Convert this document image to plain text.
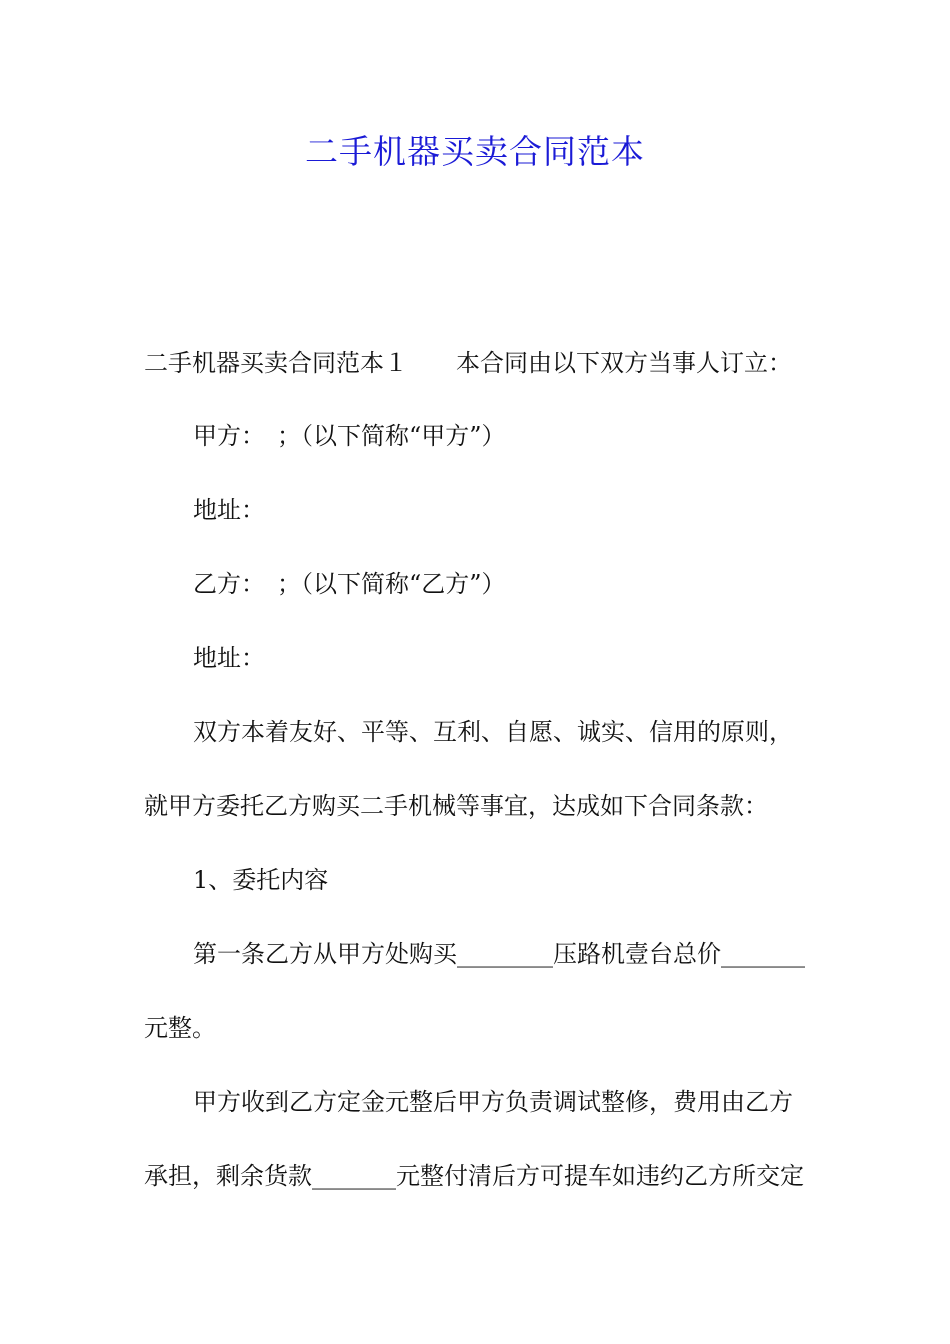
二手机器买卖合同范本
二手机器买卖合同范本１ 本合同由以下双方当事人订立：
甲方：　；（以下简称“甲方”）
地址：
乙方：　；（以下简称“乙方”）
地址：
双方本着友好、平等、互利、自愿、诚实、信用的原则，
就甲方委托乙方购买二手机械等事宜，达成如下合同条款：
1、委托内容
第一条乙方从甲方处购买________压路机壹台总价_______
元整。
甲方收到乙方定金元整后甲方负责调试整修，费用由乙方
承担，剩余货款_______元整付清后方可提车如违约乙方所交定
